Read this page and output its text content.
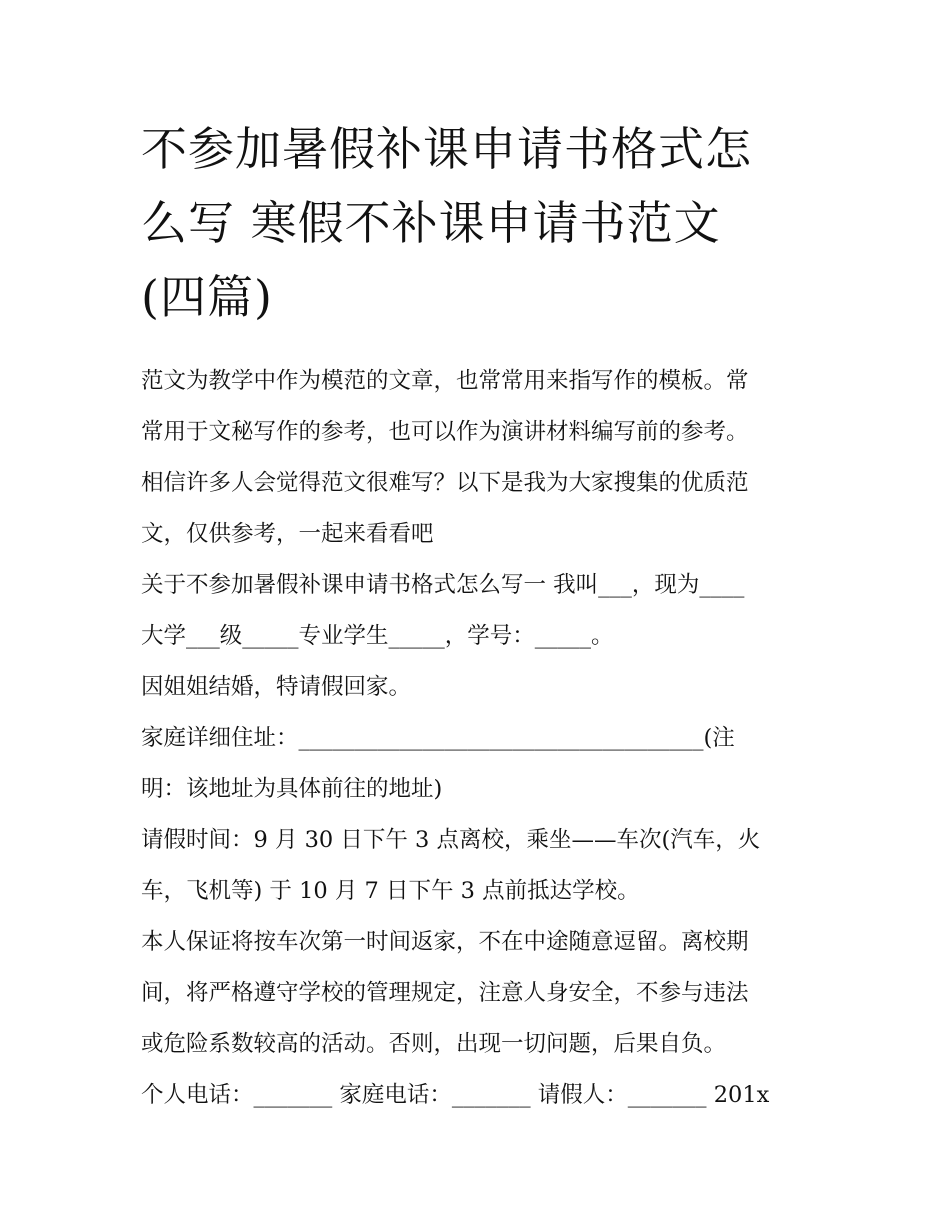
不参加暑假补课申请书格式怎
么写 寒假不补课申请书范文
(四篇)
范文为教学中作为模范的文章，也常常用来指写作的模板。常
常用于文秘写作的参考，也可以作为演讲材料编写前的参考。
相信许多人会觉得范文很难写？以下是我为大家搜集的优质范
文，仅供参考，一起来看看吧
关于不参加暑假补课申请书格式怎么写一 我叫___，现为____
大学___级_____专业学生_____，学号：_____。
因姐姐结婚，特请假回家。
家庭详细住址：____________________________________(注
明：该地址为具体前往的地址)
请假时间：9 月 30 日下午 3 点离校，乘坐——车次(汽车，火
车，飞机等) 于 10 月 7 日下午 3 点前抵达学校。
本人保证将按车次第一时间返家，不在中途随意逗留。离校期
间，将严格遵守学校的管理规定，注意人身安全，不参与违法
或危险系数较高的活动。否则，出现一切问题，后果自负。
个人电话：_______ 家庭电话：_______ 请假人：_______ 201x
